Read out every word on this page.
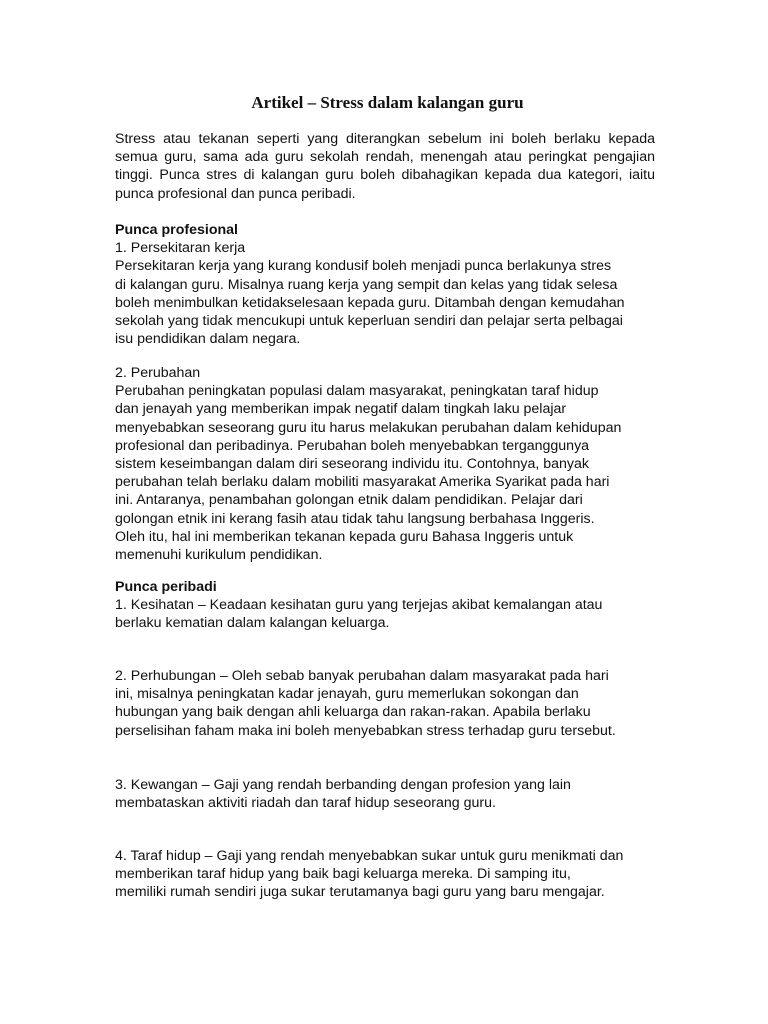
Artikel – Stress dalam kalangan guru

Stress atau tekanan seperti yang diterangkan sebelum ini boleh berlaku kepada semua guru, sama ada guru sekolah rendah, menengah atau peringkat pengajian tinggi. Punca stres di kalangan guru boleh dibahagikan kepada dua kategori, iaitu punca profesional dan punca peribadi.

Punca profesional
1. Persekitaran kerja
Persekitaran kerja yang kurang kondusif boleh menjadi punca berlakunya stres
di kalangan guru. Misalnya ruang kerja yang sempit dan kelas yang tidak selesa
boleh menimbulkan ketidakselesaan kepada guru. Ditambah dengan kemudahan
sekolah yang tidak mencukupi untuk keperluan sendiri dan pelajar serta pelbagai
isu pendidikan dalam negara.
2. Perubahan
Perubahan peningkatan populasi dalam masyarakat, peningkatan taraf hidup
dan jenayah yang memberikan impak negatif dalam tingkah laku pelajar
menyebabkan seseorang guru itu harus melakukan perubahan dalam kehidupan
profesional dan peribadinya. Perubahan boleh menyebabkan terganggunya
sistem keseimbangan dalam diri seseorang individu itu. Contohnya, banyak
perubahan telah berlaku dalam mobiliti masyarakat Amerika Syarikat pada hari
ini. Antaranya, penambahan golongan etnik dalam pendidikan. Pelajar dari
golongan etnik ini kerang fasih atau tidak tahu langsung berbahasa Inggeris.
Oleh itu, hal ini memberikan tekanan kepada guru Bahasa Inggeris untuk
memenuhi kurikulum pendidikan.
Punca peribadi
1. Kesihatan – Keadaan kesihatan guru yang terjejas akibat kemalangan atau
berlaku kematian dalam kalangan keluarga.
2. Perhubungan – Oleh sebab banyak perubahan dalam masyarakat pada hari
ini, misalnya peningkatan kadar jenayah, guru memerlukan sokongan dan
hubungan yang baik dengan ahli keluarga dan rakan-rakan. Apabila berlaku
perselisihan faham maka ini boleh menyebabkan stress terhadap guru tersebut.
3. Kewangan – Gaji yang rendah berbanding dengan profesion yang lain
membataskan aktiviti riadah dan taraf hidup seseorang guru.
4. Taraf hidup – Gaji yang rendah menyebabkan sukar untuk guru menikmati dan
memberikan taraf hidup yang baik bagi keluarga mereka. Di samping itu,
memiliki rumah sendiri juga sukar terutamanya bagi guru yang baru mengajar.
